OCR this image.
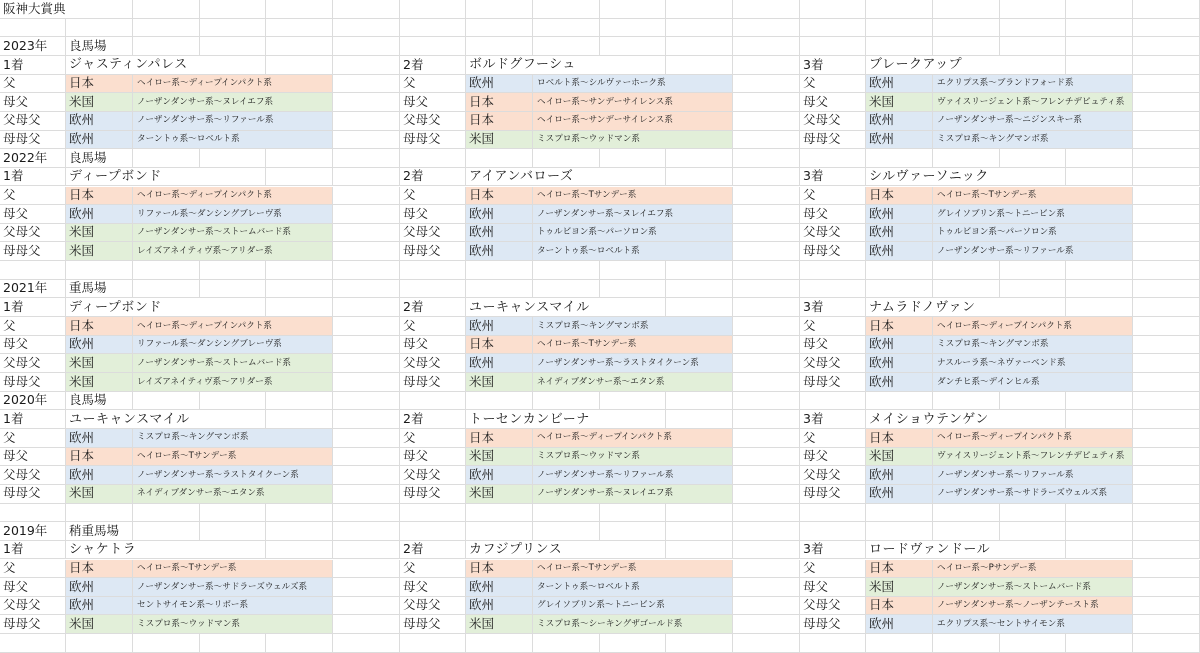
阪神大賞典
2023年	良馬場
1着	ジャスティンパレス	2着	ボルドグフーシュ	3着	ブレークアップ
父	日本	ヘイロー系〜ディープインパクト系	父	欧州	ロベルト系〜シルヴァーホーク系	父	欧州	エクリプス系〜ブランドフォード系
母父	米国	ノーザンダンサー系〜ヌレイエフ系	母父	日本	ヘイロー系〜サンデーサイレンス系	母父	米国	ヴァイスリージェント系〜フレンチデピュティ系
父母父	欧州	ノーザンダンサー系〜リファール系	父母父	日本	ヘイロー系〜サンデーサイレンス系	父母父	欧州	ノーザンダンサー系〜ニジンスキー系
母母父	欧州	ターントゥ系〜ロベルト系	母母父	米国	ミスプロ系〜ウッドマン系	母母父	欧州	ミスプロ系〜キングマンボ系
2022年	良馬場
1着	ディープボンド	2着	アイアンバローズ	3着	シルヴァーソニック
父	日本	ヘイロー系〜ディープインパクト系	父	日本	ヘイロー系〜Tサンデー系	父	日本	ヘイロー系〜Tサンデー系
母父	欧州	リファール系〜ダンシングブレーヴ系	母父	欧州	ノーザンダンサー系〜ヌレイエフ系	母父	欧州	グレイソブリン系〜トニービン系
父母父	米国	ノーザンダンサー系〜ストームバード系	父母父	欧州	トゥルビヨン系〜パーソロン系	父母父	欧州	トゥルビヨン系〜パーソロン系
母母父	米国	レイズアネイティヴ系〜アリダー系	母母父	欧州	ターントゥ系〜ロベルト系	母母父	欧州	ノーザンダンサー系〜リファール系
2021年	重馬場
1着	ディープボンド	2着	ユーキャンスマイル	3着	ナムラドノヴァン
父	日本	ヘイロー系〜ディープインパクト系	父	欧州	ミスプロ系〜キングマンボ系	父	日本	ヘイロー系〜ディープインパクト系
母父	欧州	リファール系〜ダンシングブレーヴ系	母父	日本	ヘイロー系〜Tサンデー系	母父	欧州	ミスプロ系〜キングマンボ系
父母父	米国	ノーザンダンサー系〜ストームバード系	父母父	欧州	ノーザンダンサー系〜ラストタイクーン系	父母父	欧州	ナスルーラ系〜ネヴァーベンド系
母母父	米国	レイズアネイティヴ系〜アリダー系	母母父	米国	ネイディブダンサー系〜エタン系	母母父	欧州	ダンチヒ系〜デインヒル系
2020年	良馬場
1着	ユーキャンスマイル	2着	トーセンカンビーナ	3着	メイショウテンゲン
父	欧州	ミスプロ系〜キングマンボ系	父	日本	ヘイロー系〜ディープインパクト系	父	日本	ヘイロー系〜ディープインパクト系
母父	日本	ヘイロー系〜Tサンデー系	母父	米国	ミスプロ系〜ウッドマン系	母父	米国	ヴァイスリージェント系〜フレンチデピュティ系
父母父	欧州	ノーザンダンサー系〜ラストタイクーン系	父母父	欧州	ノーザンダンサー系〜リファール系	父母父	欧州	ノーザンダンサー系〜リファール系
母母父	米国	ネイディブダンサー系〜エタン系	母母父	米国	ノーザンダンサー系〜ヌレイエフ系	母母父	欧州	ノーザンダンサー系〜サドラーズウェルズ系
2019年	稍重馬場
1着	シャケトラ	2着	カフジプリンス	3着	ロードヴァンドール
父	日本	ヘイロー系〜Tサンデー系	父	日本	ヘイロー系〜Tサンデー系	父	日本	ヘイロー系〜Pサンデー系
母父	欧州	ノーザンダンサー系〜サドラーズウェルズ系	母父	欧州	ターントゥ系〜ロベルト系	母父	米国	ノーザンダンサー系〜ストームバード系
父母父	欧州	セントサイモン系〜リボー系	父母父	欧州	グレイソブリン系〜トニービン系	父母父	日本	ノーザンダンサー系〜ノーザンテースト系
母母父	米国	ミスプロ系〜ウッドマン系	母母父	米国	ミスプロ系〜シーキングザゴールド系	母母父	欧州	エクリプス系〜セントサイモン系
